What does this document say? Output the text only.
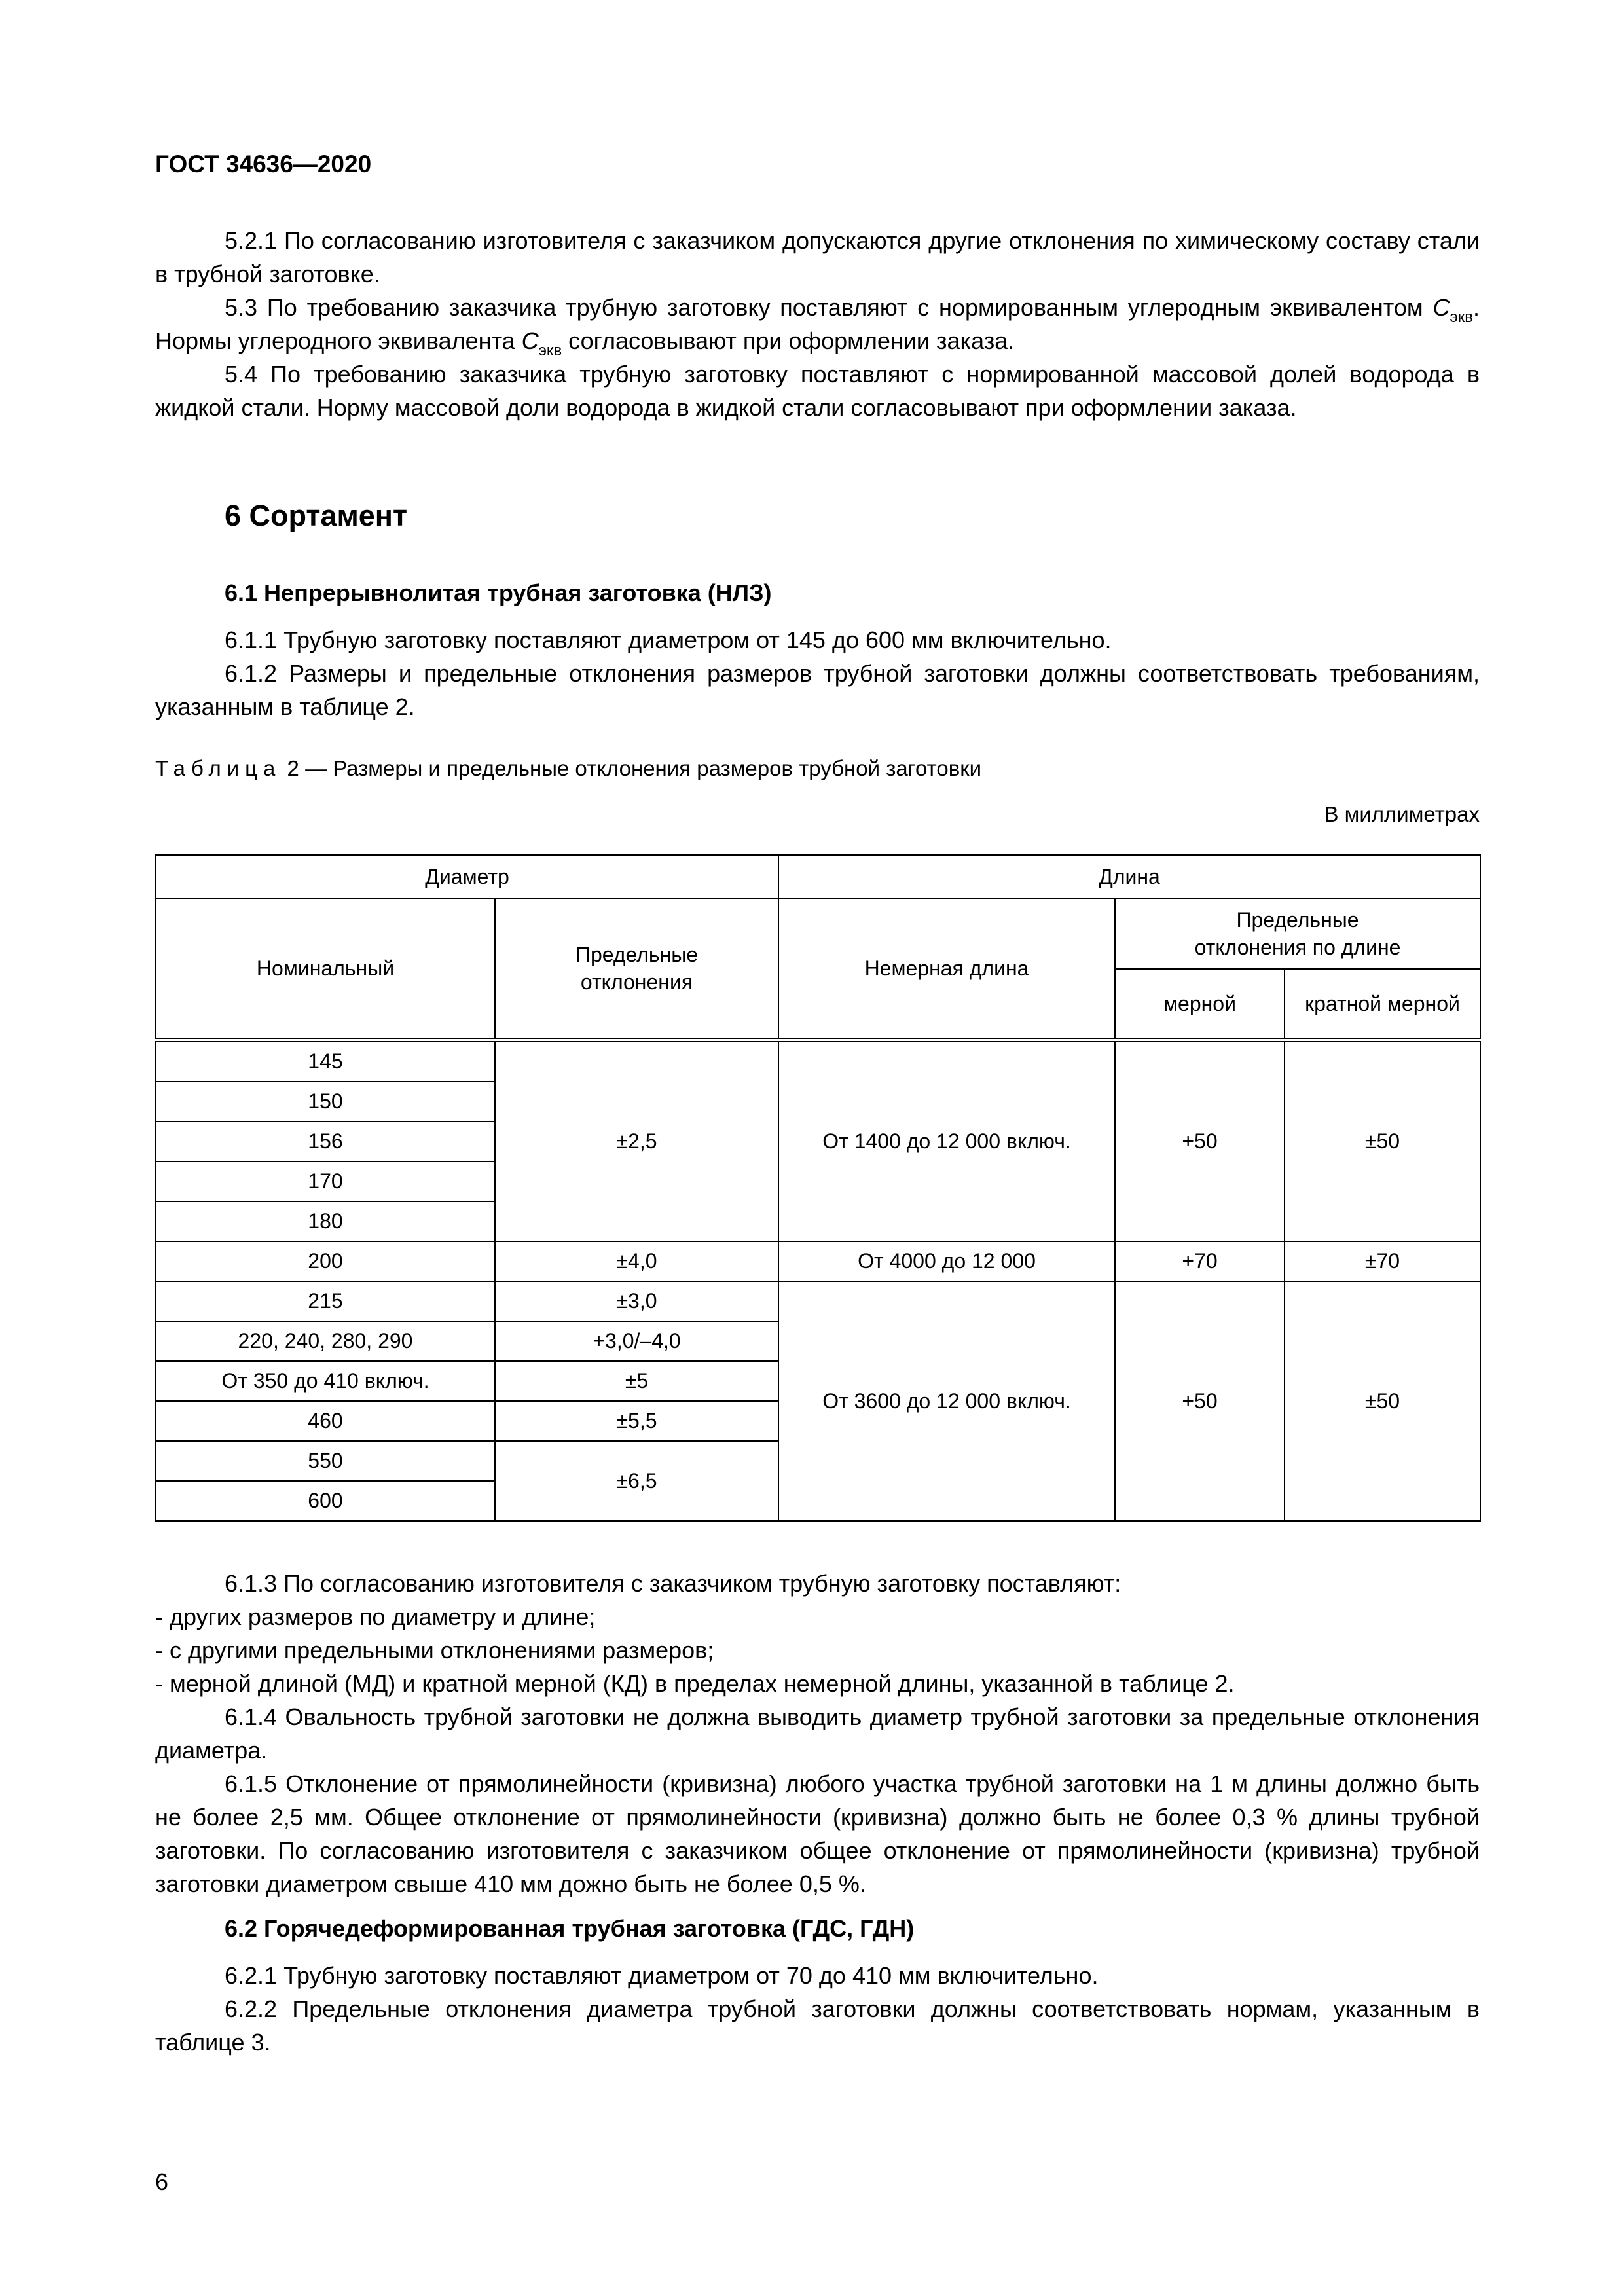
ГОСТ 34636—2020

5.2.1 По согласованию изготовителя с заказчиком допускаются другие отклонения по химическому составу стали в трубной заготовке.

5.3 По требованию заказчика трубную заготовку поставляют с нормированным углеродным эквивалентом $C_{экв}$. Нормы углеродного эквивалента $C_{экв}$ согласовывают при оформлении заказа.

5.4 По требованию заказчика трубную заготовку поставляют с нормированной массовой долей водорода в жидкой стали. Норму массовой доли водорода в жидкой стали согласовывают при оформлении заказа.

6 Сортамент

6.1 Непрерывнолитая трубная заготовка (НЛЗ)

6.1.1 Трубную заготовку поставляют диаметром от 145 до 600 мм включительно.

6.1.2 Размеры и предельные отклонения размеров трубной заготовки должны соответствовать требованиям, указанным в таблице 2.

Таблица 2 — Размеры и предельные отклонения размеров трубной заготовки
В миллиметрах
Диаметр		Длина		
Номинальный	Предельные отклонения	Немерная длина	Предельные отклонения по длине	
			мерной	кратной мерной
145	±2,5	От 1400 до 12 000 включ.	+50	±50
150				
156				
170				
180				
200	±4,0	От 4000 до 12 000	+70	±70
215	±3,0	От 3600 до 12 000 включ.	+50	±50
220, 240, 280, 290	+3,0/–4,0			
От 350 до 410 включ.	±5			
460	±5,5			
550	±6,5			
600				

6.1.3 По согласованию изготовителя с заказчиком трубную заготовку поставляют:

- других размеров по диаметру и длине;

- с другими предельными отклонениями размеров;

- мерной длиной (МД) и кратной мерной (КД) в пределах немерной длины, указанной в таблице 2.

6.1.4 Овальность трубной заготовки не должна выводить диаметр трубной заготовки за предельные отклонения диаметра.

6.1.5 Отклонение от прямолинейности (кривизна) любого участка трубной заготовки на 1 м длины должно быть не более 2,5 мм. Общее отклонение от прямолинейности (кривизна) должно быть не более 0,3 % длины трубной заготовки. По согласованию изготовителя с заказчиком общее отклонение от прямолинейности (кривизна) трубной заготовки диаметром свыше 410 мм дожно быть не более 0,5 %.

6.2 Горячедеформированная трубная заготовка (ГДС, ГДН)

6.2.1 Трубную заготовку поставляют диаметром от 70 до 410 мм включительно.

6.2.2 Предельные отклонения диаметра трубной заготовки должны соответствовать нормам, указанным в таблице 3.

6
